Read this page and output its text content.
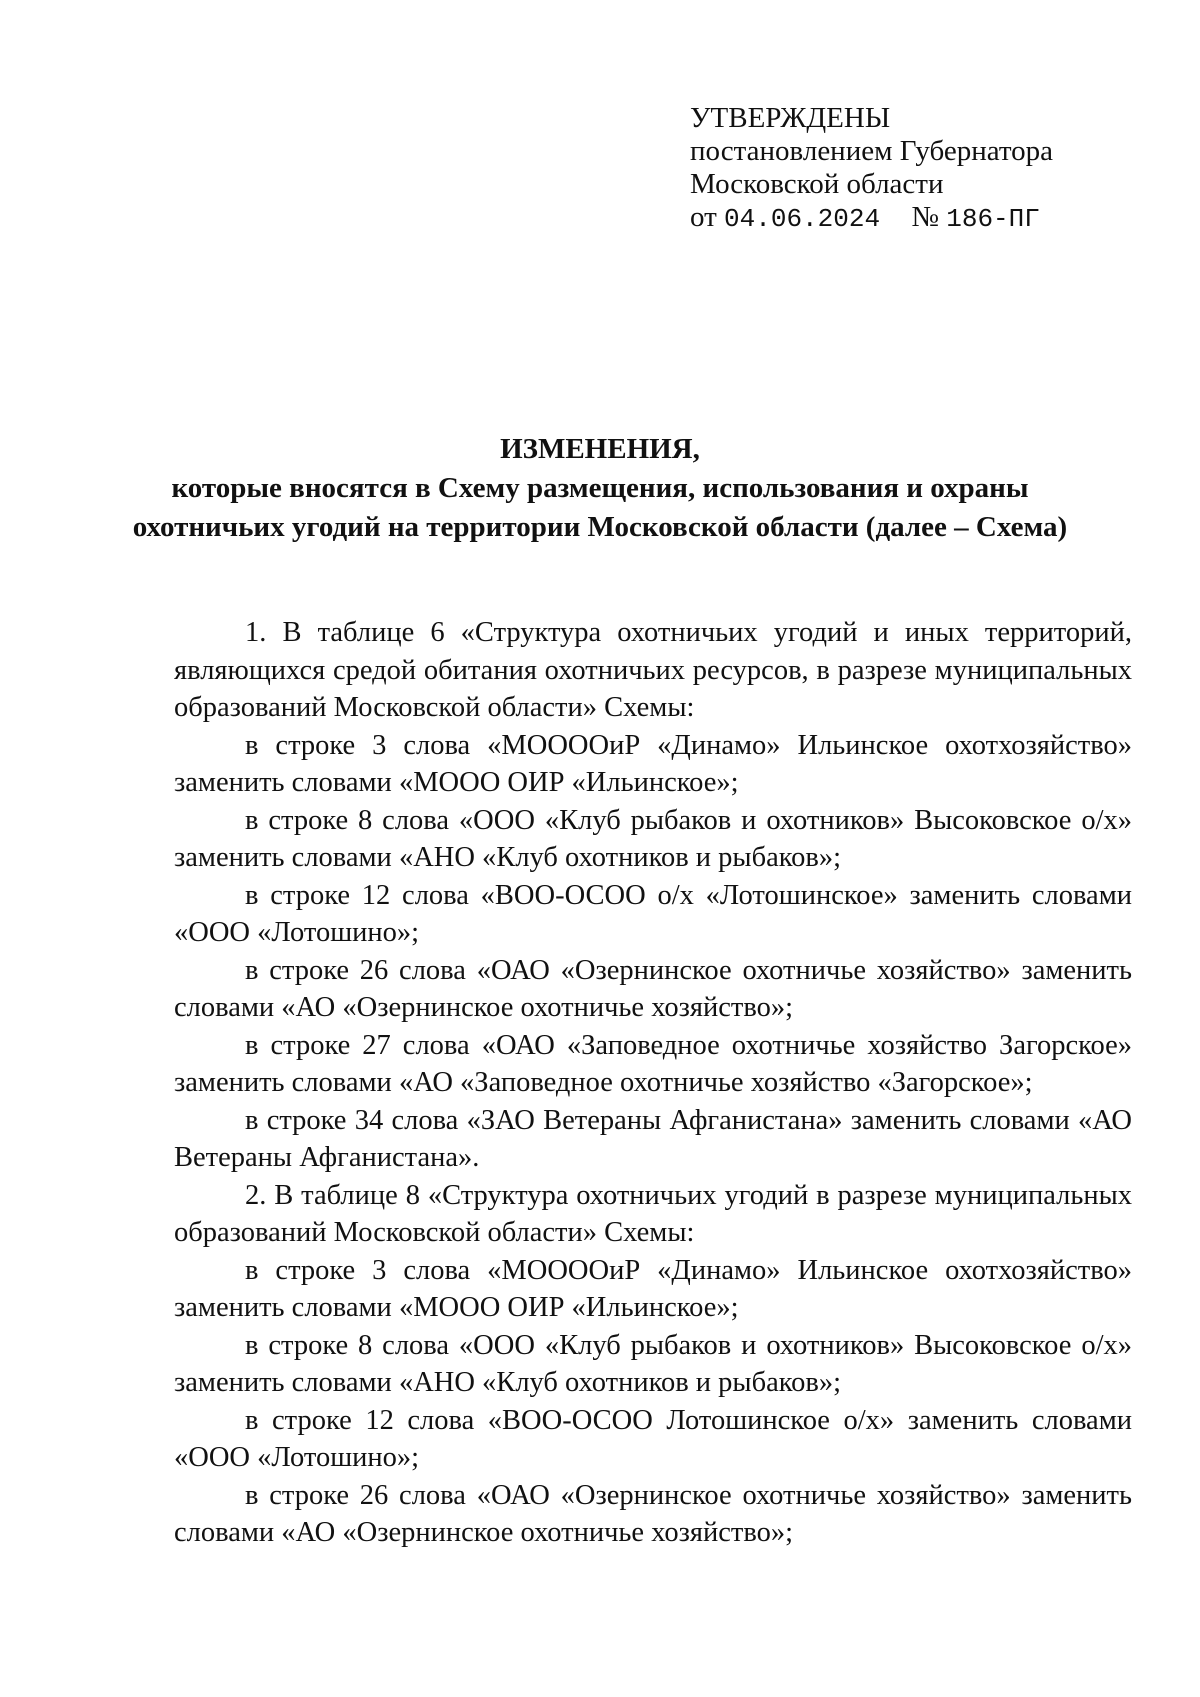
УТВЕРЖДЕНЫ
постановлением Губернатора
Московской области
от 04.06.2024 № 186-ПГ
ИЗМЕНЕНИЯ,
которые вносятся в Схему размещения, использования и охраны
охотничьих угодий на территории Московской области (далее – Схема)

1. В таблице 6 «Структура охотничьих угодий и иных территорий, являющихся средой обитания охотничьих ресурсов, в разрезе муниципальных образований Московской области» Схемы:

в строке 3 слова «МООООиР «Динамо» Ильинское охотхозяйство» заменить словами «МООО ОИР «Ильинское»;

в строке 8 слова «ООО «Клуб рыбаков и охотников» Высоковское о/х» заменить словами «АНО «Клуб охотников и рыбаков»;

в строке 12 слова «ВОО-ОСОО о/х «Лотошинское» заменить словами «ООО «Лотошино»;

в строке 26 слова «ОАО «Озернинское охотничье хозяйство» заменить словами «АО «Озернинское охотничье хозяйство»;

в строке 27 слова «ОАО «Заповедное охотничье хозяйство Загорское» заменить словами «АО «Заповедное охотничье хозяйство «Загорское»;

в строке 34 слова «ЗАО Ветераны Афганистана» заменить словами «АО Ветераны Афганистана».

2. В таблице 8 «Структура охотничьих угодий в разрезе муниципальных образований Московской области» Схемы:

в строке 3 слова «МООООиР «Динамо» Ильинское охотхозяйство» заменить словами «МООО ОИР «Ильинское»;

в строке 8 слова «ООО «Клуб рыбаков и охотников» Высоковское о/х» заменить словами «АНО «Клуб охотников и рыбаков»;

в строке 12 слова «ВОО-ОСОО Лотошинское о/х» заменить словами «ООО «Лотошино»;

в строке 26 слова «ОАО «Озернинское охотничье хозяйство» заменить словами «АО «Озернинское охотничье хозяйство»;
